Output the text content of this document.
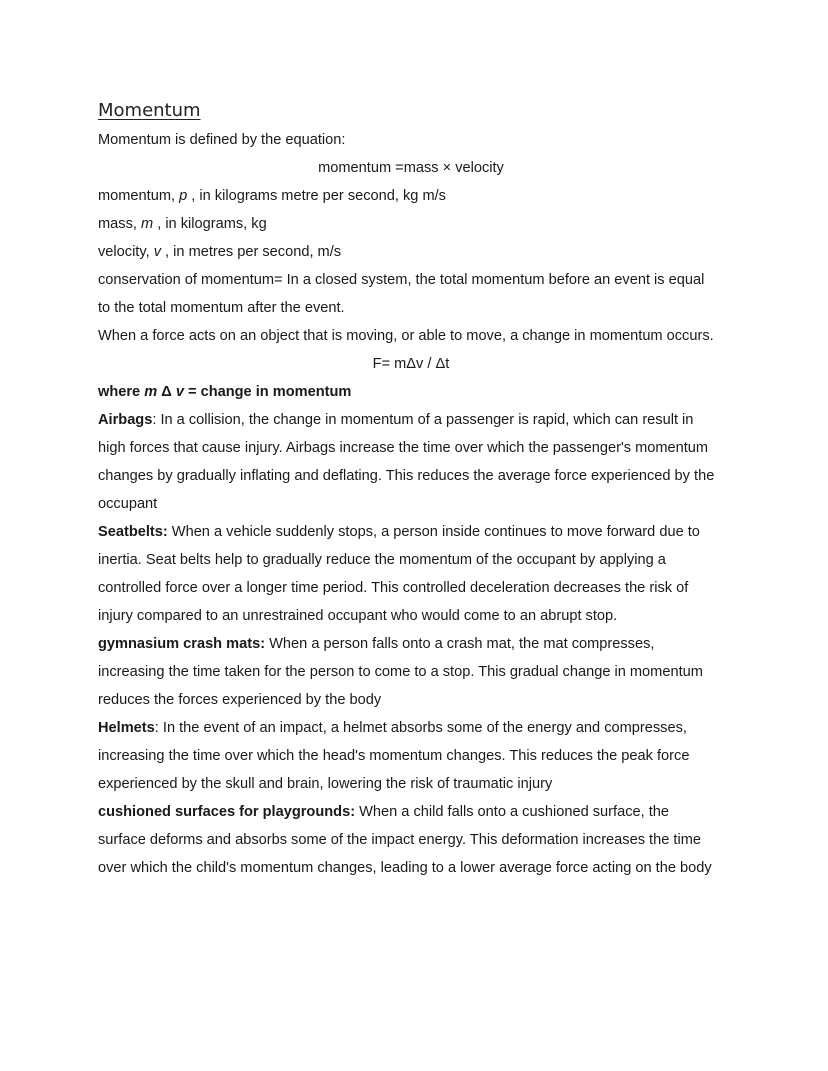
Momentum

Momentum is defined by the equation:

momentum =mass × velocity

momentum, p , in kilograms metre per second, kg m/s

mass, m , in kilograms, kg

velocity, v , in metres per second, m/s

conservation of momentum= In a closed system, the total momentum before an event is equal

to the total momentum after the event.

When a force acts on an object that is moving, or able to move, a change in momentum occurs.

F= mΔv / Δt

where m Δ v = change in momentum

Airbags: In a collision, the change in momentum of a passenger is rapid, which can result in

high forces that cause injury. Airbags increase the time over which the passenger's momentum

changes by gradually inflating and deflating. This reduces the average force experienced by the

occupant

Seatbelts: When a vehicle suddenly stops, a person inside continues to move forward due to

inertia. Seat belts help to gradually reduce the momentum of the occupant by applying a

controlled force over a longer time period. This controlled deceleration decreases the risk of

injury compared to an unrestrained occupant who would come to an abrupt stop.

gymnasium crash mats: When a person falls onto a crash mat, the mat compresses,

increasing the time taken for the person to come to a stop. This gradual change in momentum

reduces the forces experienced by the body

Helmets: In the event of an impact, a helmet absorbs some of the energy and compresses,

increasing the time over which the head's momentum changes. This reduces the peak force

experienced by the skull and brain, lowering the risk of traumatic injury

cushioned surfaces for playgrounds: When a child falls onto a cushioned surface, the

surface deforms and absorbs some of the impact energy. This deformation increases the time

over which the child's momentum changes, leading to a lower average force acting on the body
